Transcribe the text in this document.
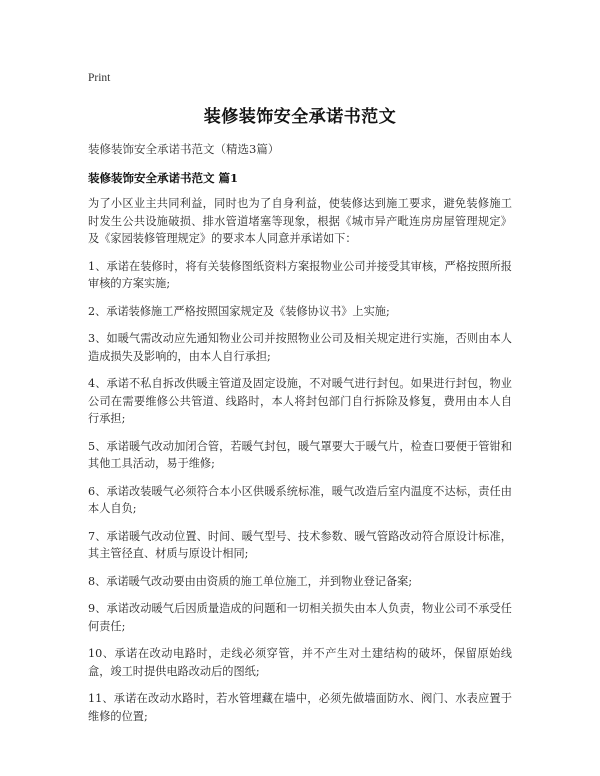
Print
装修装饰安全承诺书范文
装修装饰安全承诺书范文（精选3篇）
装修装饰安全承诺书范文 篇1

为了小区业主共同利益，同时也为了自身利益，使装修达到施工要求，避免装修施工时发生公共设施破损、排水管道堵塞等现象，根据《城市异产毗连房房屋管理规定》及《家园装修管理规定》的要求本人同意并承诺如下：

1、承诺在装修时，将有关装修图纸资料方案报物业公司并接受其审核，严格按照所报审核的方案实施;

2、承诺装修施工严格按照国家规定及《装修协议书》上实施;

3、如暖气需改动应先通知物业公司并按照物业公司及相关规定进行实施，否则由本人造成损失及影响的，由本人自行承担;

4、承诺不私自拆改供暖主管道及固定设施，不对暖气进行封包。如果进行封包，物业公司在需要维修公共管道、线路时，本人将封包部门自行拆除及修复，费用由本人自行承担;

5、承诺暖气改动加闭合管，若暖气封包，暖气罩要大于暖气片，检查口要便于管钳和其他工具活动，易于维修;

6、承诺改装暖气必须符合本小区供暖系统标准，暖气改造后室内温度不达标，责任由本人自负;

7、承诺暖气改动位置、时间、暖气型号、技术参数、暖气管路改动符合原设计标准，其主管径直、材质与原设计相同;

8、承诺暖气改动要由由资质的施工单位施工，并到物业登记备案;

9、承诺改动暖气后因质量造成的问题和一切相关损失由本人负责，物业公司不承受任何责任;

10、承诺在改动电路时，走线必须穿管，并不产生对土建结构的破坏，保留原始线盒，竣工时提供电路改动后的图纸;

11、承诺在改动水路时，若水管埋藏在墙中，必须先做墙面防水、阀门、水表应置于维修的位置;
